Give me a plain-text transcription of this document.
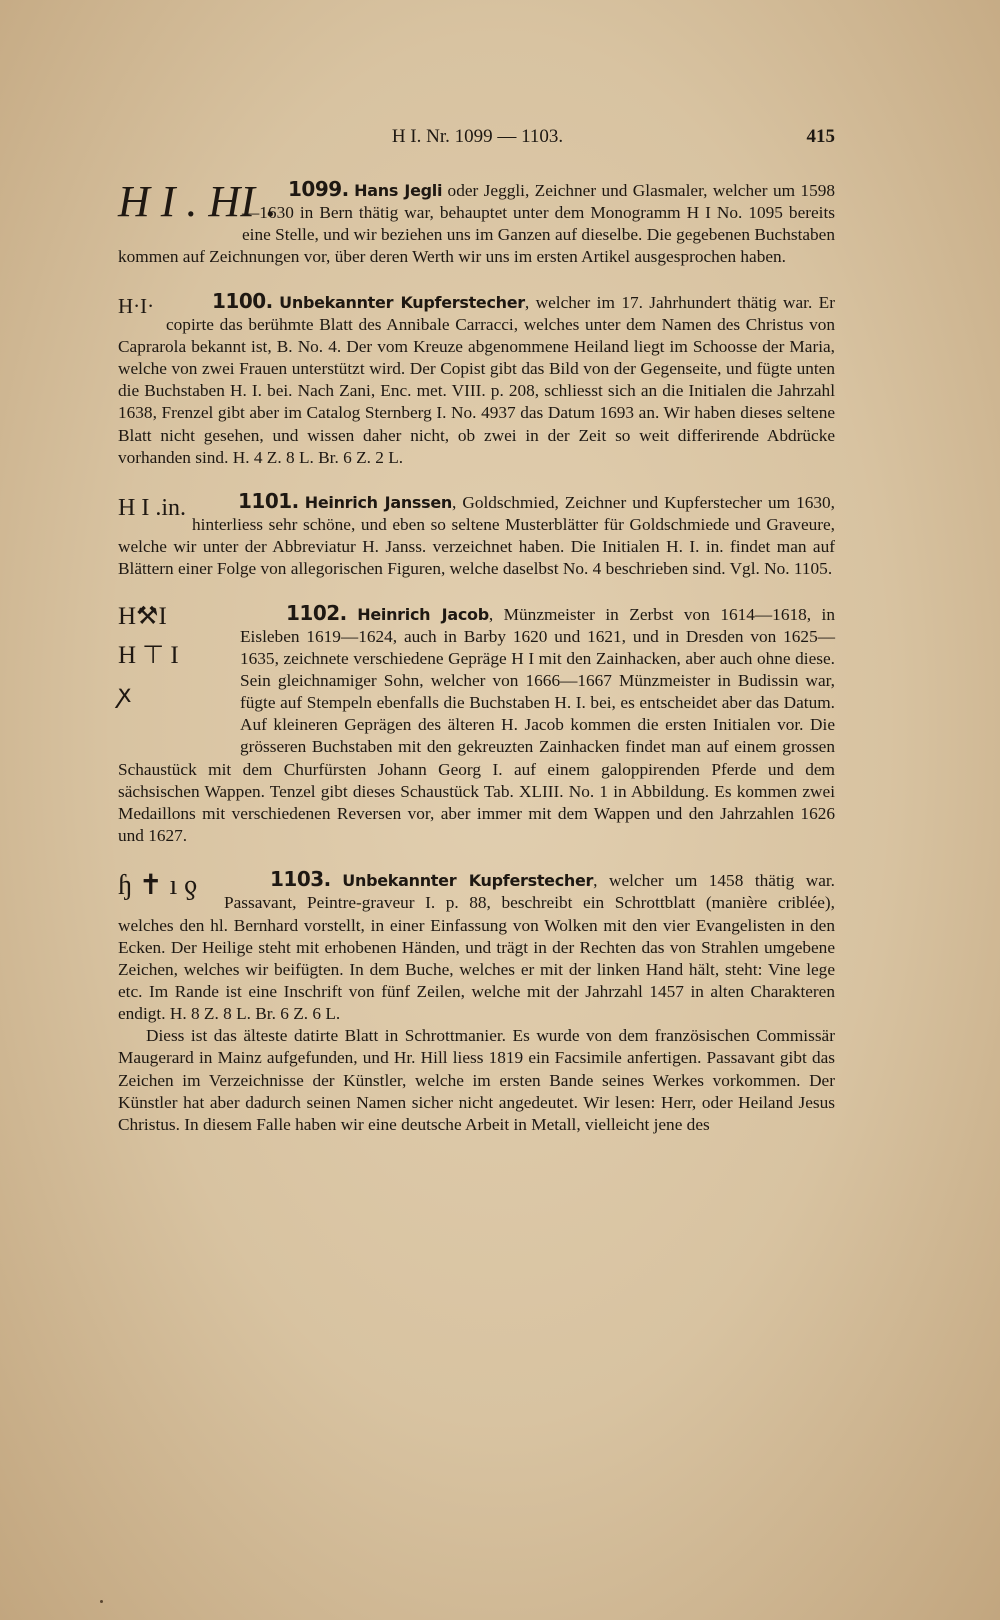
H I. Nr. 1099 — 1103.	415
H I . HI . 1099. Hans Jegli oder Jeggli, Zeichner und Glasmaler, welcher um 1598—1630 in Bern thätig war, behauptet unter dem Monogramm H I No. 1095 bereits eine Stelle, und wir beziehen uns im Ganzen auf dieselbe. Die gegebenen Buchstaben kommen auf Zeichnungen vor, über deren Werth wir uns im ersten Artikel ausgesprochen haben.

H·I·	1100. Unbekannter Kupferstecher, welcher im 17. Jahrhundert thätig war. Er copirte das berühmte Blatt des Annibale Carracci, welches unter dem Namen des Christus von Caprarola bekannt ist, B. No. 4. Der vom Kreuze abgenommene Heiland liegt im Schoosse der Maria, welche von zwei Frauen unterstützt wird. Der Copist gibt das Bild von der Gegenseite, und fügte unten die Buchstaben H. I. bei. Nach Zani, Enc. met. VIII. p. 208, schliesst sich an die Initialen die Jahrzahl 1638, Frenzel gibt aber im Catalog Sternberg I. No. 4937 das Datum 1693 an. Wir haben dieses seltene Blatt nicht gesehen, und wissen daher nicht, ob zwei in der Zeit so weit differirende Abdrücke vorhanden sind. H. 4 Z. 8 L. Br. 6 Z. 2 L.

H I .in.	1101. Heinrich Janssen, Goldschmied, Zeichner und Kupferstecher um 1630, hinterliess sehr schöne, und eben so seltene Musterblätter für Goldschmiede und Graveure, welche wir unter der Abbreviatur H. Janss. verzeichnet haben. Die Initialen H. I. in. findet man auf Blättern einer Folge von allegorischen Figuren, welche daselbst No. 4 beschrieben sind. Vgl. No. 1105.

H⚒I
H ⊤ I
ꭗ

1102. Heinrich Jacob, Münzmeister in Zerbst von 1614—1618, in Eisleben 1619—1624, auch in Barby 1620 und 1621, und in Dresden von 1625—1635, zeichnete verschiedene Gepräge H I mit den Zainhacken, aber auch ohne diese. Sein gleichnamiger Sohn, welcher von 1666—1667 Münzmeister in Budissin war, fügte auf Stempeln ebenfalls die Buchstaben H. I. bei, es entscheidet aber das Datum. Auf kleineren Geprägen des älteren H. Jacob kommen die ersten Initialen vor. Die grösseren Buchstaben mit den gekreuzten Zainhacken findet man auf einem grossen Schaustück mit dem Churfürsten Johann Georg I. auf einem galoppirenden Pferde und dem sächsischen Wappen. Tenzel gibt dieses Schaustück Tab. XLIII. No. 1 in Abbildung. Es kommen zwei Medaillons mit verschiedenen Reversen vor, aber immer mit dem Wappen und den Jahrzahlen 1626 und 1627.

ɧ ✝ ı ƍ	1103. Unbekannter Kupferstecher, welcher um 1458 thätig war. Passavant, Peintre-graveur I. p. 88, beschreibt ein Schrottblatt (manière criblée), welches den hl. Bernhard vorstellt, in einer Einfassung von Wolken mit den vier Evangelisten in den Ecken. Der Heilige steht mit erhobenen Händen, und trägt in der Rechten das von Strahlen umgebene Zeichen, welches wir beifügten. In dem Buche, welches er mit der linken Hand hält, steht: Vine lege etc. Im Rande ist eine Inschrift von fünf Zeilen, welche mit der Jahrzahl 1457 in alten Charakteren endigt. H. 8 Z. 8 L. Br. 6 Z. 6 L.

Diess ist das älteste datirte Blatt in Schrottmanier. Es wurde von dem französischen Commissär Maugerard in Mainz aufgefunden, und Hr. Hill liess 1819 ein Facsimile anfertigen. Passavant gibt das Zeichen im Verzeichnisse der Künstler, welche im ersten Bande seines Werkes vorkommen. Der Künstler hat aber dadurch seinen Namen sicher nicht angedeutet. Wir lesen: Herr, oder Heiland Jesus Christus. In diesem Falle haben wir eine deutsche Arbeit in Metall, vielleicht jene des
